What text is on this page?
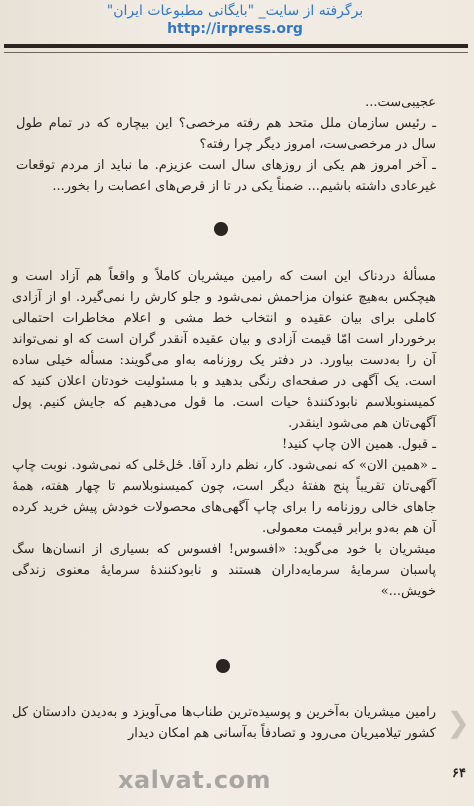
برگرفته از سایت_ "بایگانی مطبوعات ایران"
http://irpress.org

عجیبی‌ست...

ـ رئیس سازمان ملل متحد هم رفته مرخصی؟ این بیچاره که در تمام طول سال در مرخصی‌ست، امروز دیگر چرا رفته؟

ـ آخر امروز هم یکی از روزهای سال است عزیزم. ما نباید از مردم توقعات غیرعادی داشته باشیم... ضمناً یکی در تا از قرص‌های اعصابت را بخور...

مسألهٔ دردناک این است که رامین میشریان کاملاً و واقعاً هم آزاد است و هیچکس به‌هیچ عنوان مزاحمش نمی‌شود و جلو کارش را نمی‌گیرد. او از آزادی کاملی برای بیان عقیده و انتخاب خط مشی و اعلام مخاطرات احتمالی برخوردار است امّا قیمت آزادی و بیان عقیده آنقدر گران است که او نمی‌تواند آن را به‌دست بیاورد. در دفتر یک روزنامه به‌او می‌گویند: مسأله خیلی ساده است. یک آگهی در صفحه‌ای رنگی بدهید و با مسئولیت خودتان اعلان کنید که کمیسنوبلاسم نابودکنندهٔ حیات است. ما قول می‌دهیم که جایش کنیم. پول آگهی‌تان هم می‌شود اینقدر.

ـ قبول. همین الان چاپ کنید!

ـ «همین الان» که نمی‌شود. کار، نظم دارد آقا. ځل‌ځلی که نمی‌شود. نوبت چاپ آگهی‌تان تقریباً پنج هفتهٔ دیگر است، چون کمیسنوبلاسم تا چهار هفته، همهٔ جاهای خالی روزنامه را برای چاپ آگهی‌های محصولات خودش پیش خرید کرده آن هم به‌دو برابر قیمت معمولی.

میشریان با خود می‌گوید: «افسوس! افسوس که بسیاری از انسان‌ها سگ پاسبان سرمایهٔ سرمایه‌داران هستند و نابودکنندهٔ سرمایهٔ معنوی زندگی خویش...»

رامین میشریان به‌آخرین و پوسیده‌ترین طناب‌ها می‌آویزد و به‌دیدن دادستان کل کشور تیلامیریان می‌رود و تصادفاً به‌آسانی هم امکان دیدار ❯
xalvat.com	۶۴
